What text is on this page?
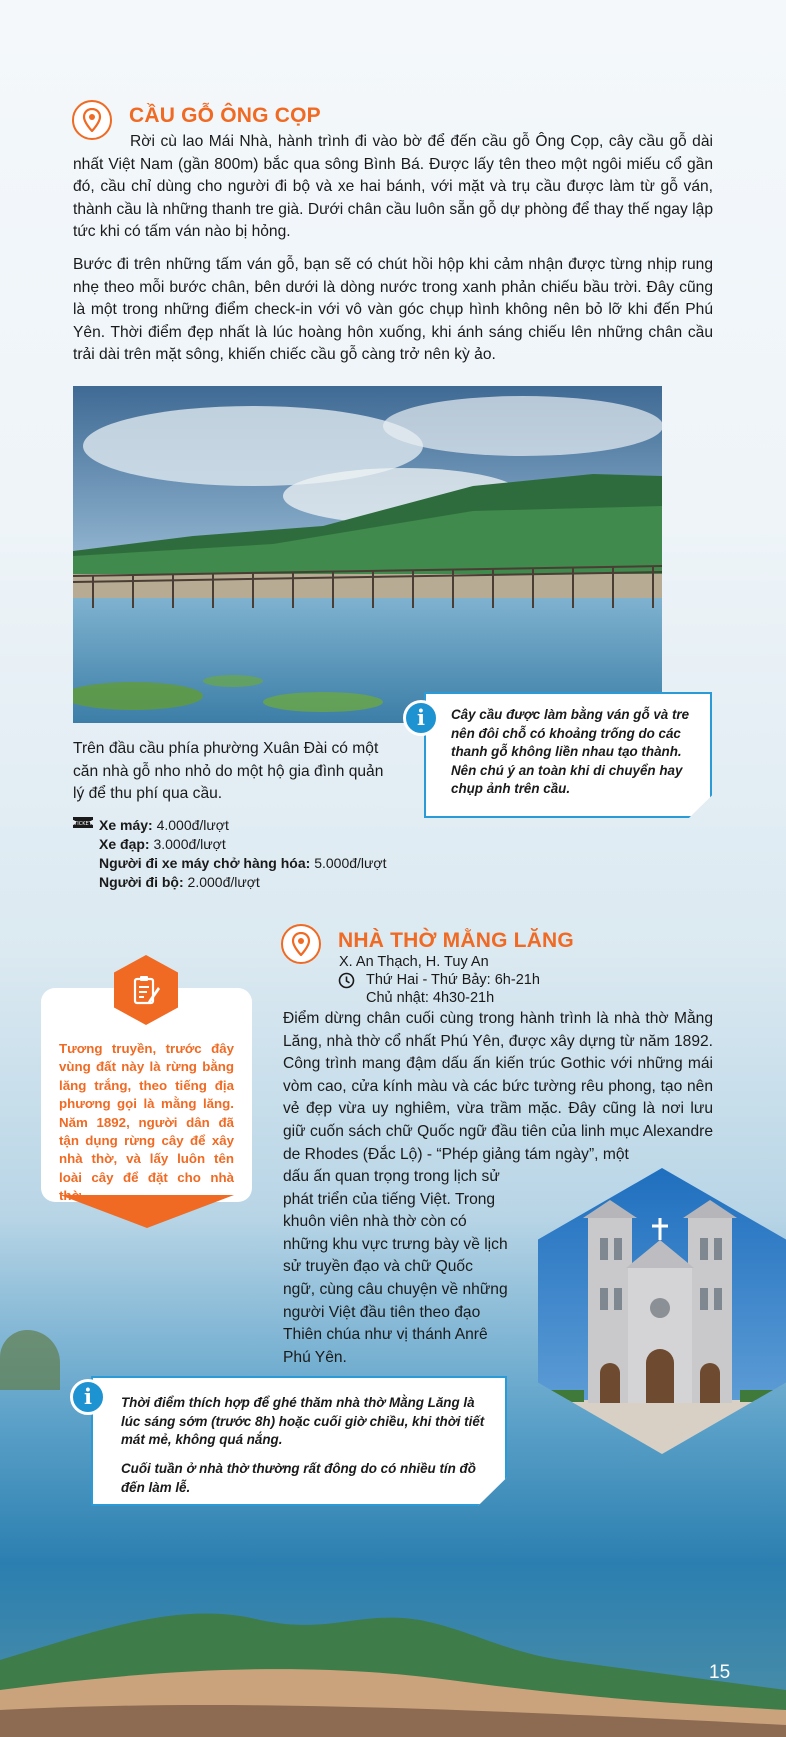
CẦU GỖ ÔNG CỌP
Rời cù lao Mái Nhà, hành trình đi vào bờ để đến cầu gỗ Ông Cọp, cây cầu gỗ dài nhất Việt Nam (gần 800m) bắc qua sông Bình Bá. Được lấy tên theo một ngôi miếu cổ gần đó, cầu chỉ dùng cho người đi bộ và xe hai bánh, với mặt và trụ cầu được làm từ gỗ ván, thành cầu là những thanh tre già. Dưới chân cầu luôn sẵn gỗ dự phòng để thay thế ngay lập tức khi có tấm ván nào bị hỏng.
Bước đi trên những tấm ván gỗ, bạn sẽ có chút hồi hộp khi cảm nhận được từng nhịp rung nhẹ theo mỗi bước chân, bên dưới là dòng nước trong xanh phản chiếu bầu trời. Đây cũng là một trong những điểm check-in với vô vàn góc chụp hình không nên bỏ lỡ khi đến Phú Yên. Thời điểm đẹp nhất là lúc hoàng hôn xuống, khi ánh sáng chiếu lên những chân cầu trải dài trên mặt sông, khiến chiếc cầu gỗ càng trở nên kỳ ảo.
Cây cầu được làm bằng ván gỗ và tre nên đôi chỗ có khoảng trống do các thanh gỗ không liền nhau tạo thành. Nên chú ý an toàn khi di chuyển hay chụp ảnh trên cầu.
i
Trên đầu cầu phía phường Xuân Đài có một căn nhà gỗ nho nhỏ do một hộ gia đình quản lý để thu phí qua cầu.
TICKET Xe máy: 4.000đ/lượt
Xe đạp: 3.000đ/lượt
Người đi xe máy chở hàng hóa: 5.000đ/lượt
Người đi bộ: 2.000đ/lượt
NHÀ THỜ MẰNG LĂNG
X. An Thạch, H. Tuy An
Thứ Hai - Thứ Bảy: 6h-21h
Chủ nhật: 4h30-21h
Điểm dừng chân cuối cùng trong hành trình là nhà thờ Mằng Lăng, nhà thờ cổ nhất Phú Yên, được xây dựng từ năm 1892. Công trình mang đậm dấu ấn kiến trúc Gothic với những mái vòm cao, cửa kính màu và các bức tường rêu phong, tạo nên vẻ đẹp vừa uy nghiêm, vừa trầm mặc. Đây cũng là nơi lưu giữ cuốn sách chữ Quốc ngữ đầu tiên của linh mục Alexandre de Rhodes (Đắc Lộ) - “Phép giảng tám ngày”, một
dấu ấn quan trọng trong lịch sử phát triển của tiếng Việt. Trong khuôn viên nhà thờ còn có những khu vực trưng bày về lịch sử truyền đạo và chữ Quốc ngữ, cùng câu chuyện về những người Việt đầu tiên theo đạo Thiên chúa như vị thánh Anrê Phú Yên.
Tương truyền, trước đây vùng đất này là rừng bằng lăng trắng, theo tiếng địa phương gọi là mằng lăng. Năm 1892, người dân đã tận dụng rừng cây để xây nhà thờ, và lấy luôn tên loài cây để đặt cho nhà thờ.
Thời điểm thích hợp để ghé thăm nhà thờ Mằng Lăng là lúc sáng sớm (trước 8h) hoặc cuối giờ chiều, khi thời tiết mát mẻ, không quá nắng.
Cuối tuần ở nhà thờ thường rất đông do có nhiều tín đồ đến làm lễ.
i
15
